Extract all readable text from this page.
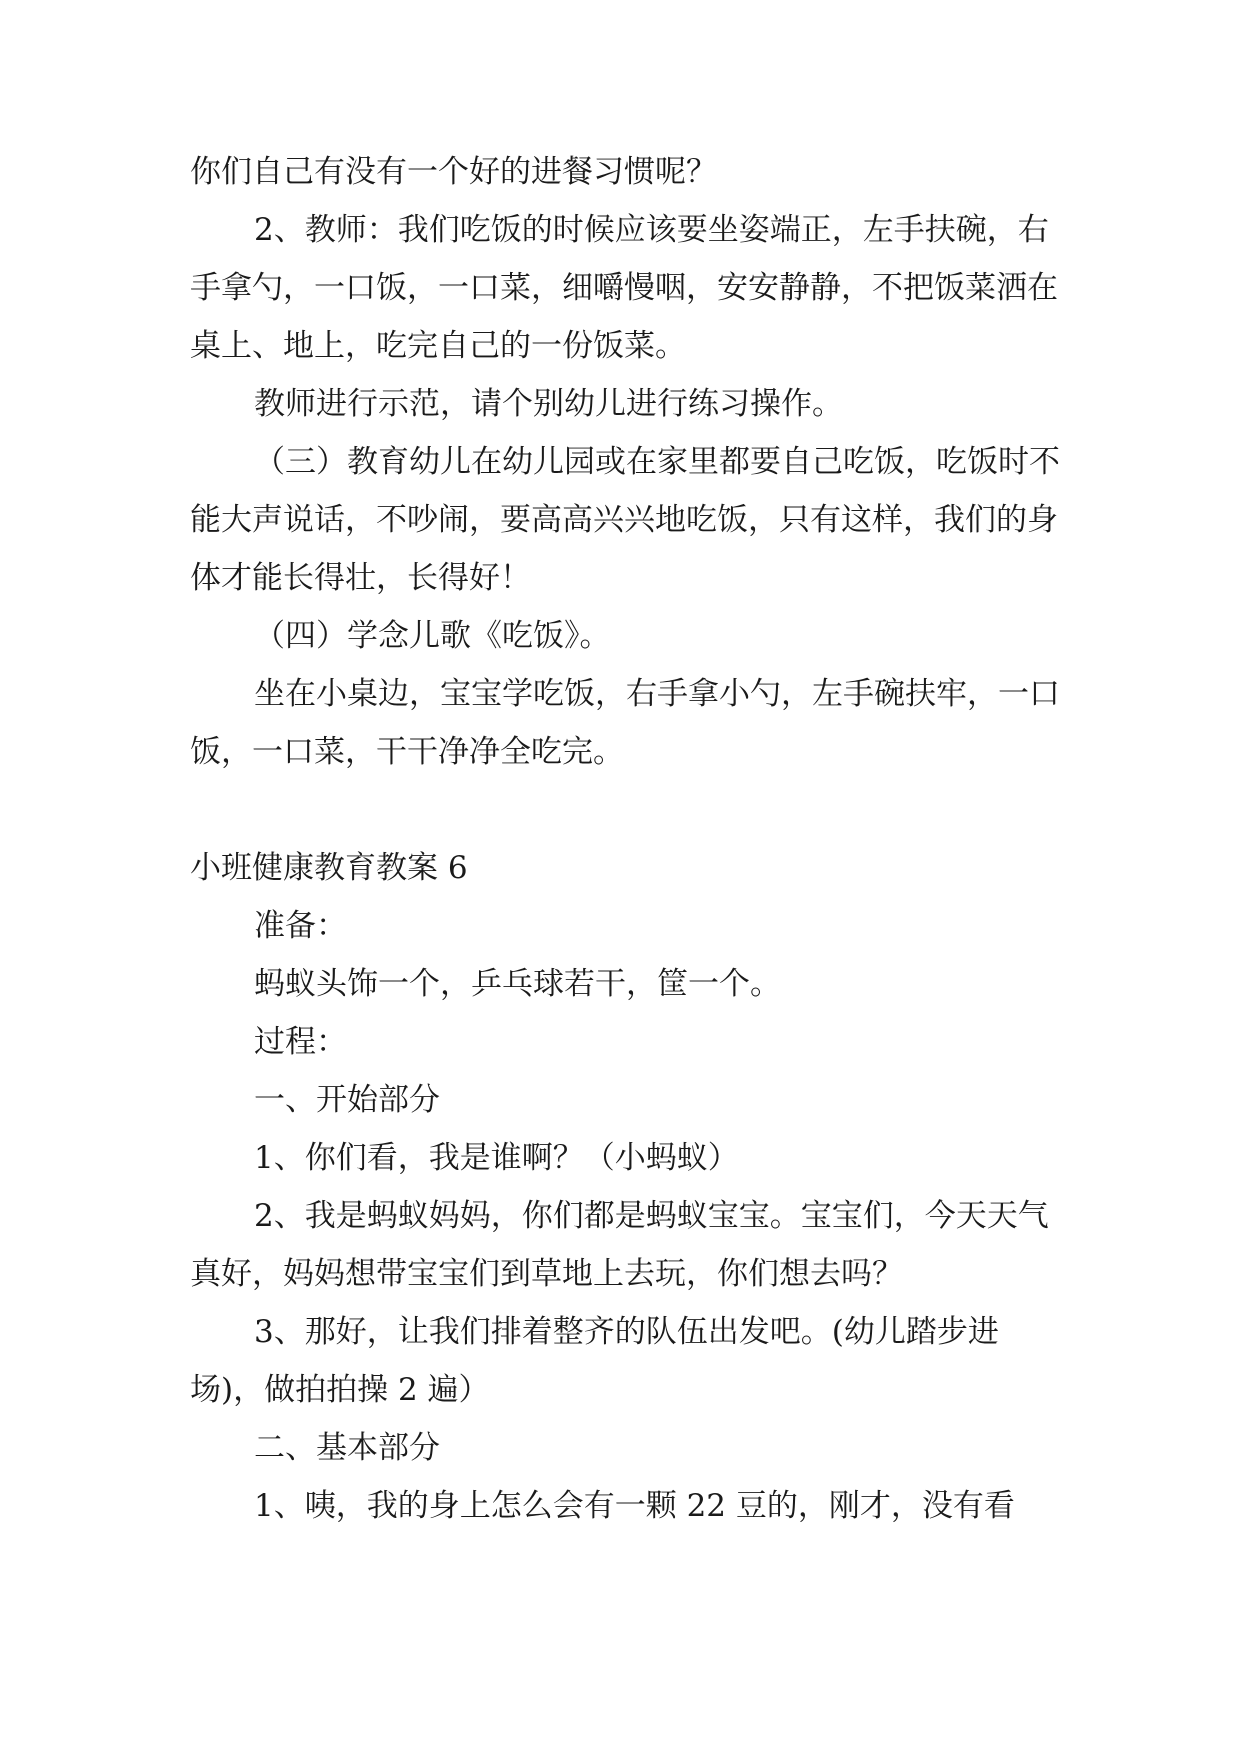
你们自己有没有一个好的进餐习惯呢？

2、教师：我们吃饭的时候应该要坐姿端正，左手扶碗，右手拿勺，一口饭，一口菜，细嚼慢咽，安安静静，不把饭菜洒在桌上、地上，吃完自己的一份饭菜。

教师进行示范，请个别幼儿进行练习操作。

（三）教育幼儿在幼儿园或在家里都要自己吃饭，吃饭时不能大声说话，不吵闹，要高高兴兴地吃饭，只有这样，我们的身体才能长得壮，长得好！

（四）学念儿歌《吃饭》。

坐在小桌边，宝宝学吃饭，右手拿小勺，左手碗扶牢，一口饭，一口菜，干干净净全吃完。

小班健康教育教案 6

准备：

蚂蚁头饰一个，乒乓球若干，筐一个。

过程：

一、开始部分

1、你们看，我是谁啊？（小蚂蚁）

2、我是蚂蚁妈妈，你们都是蚂蚁宝宝。宝宝们，今天天气真好，妈妈想带宝宝们到草地上去玩，你们想去吗？

3、那好，让我们排着整齐的队伍出发吧。(幼儿踏步进场)，做拍拍操 2 遍）

二、基本部分

1、咦，我的身上怎么会有一颗 22 豆的，刚才，没有看
